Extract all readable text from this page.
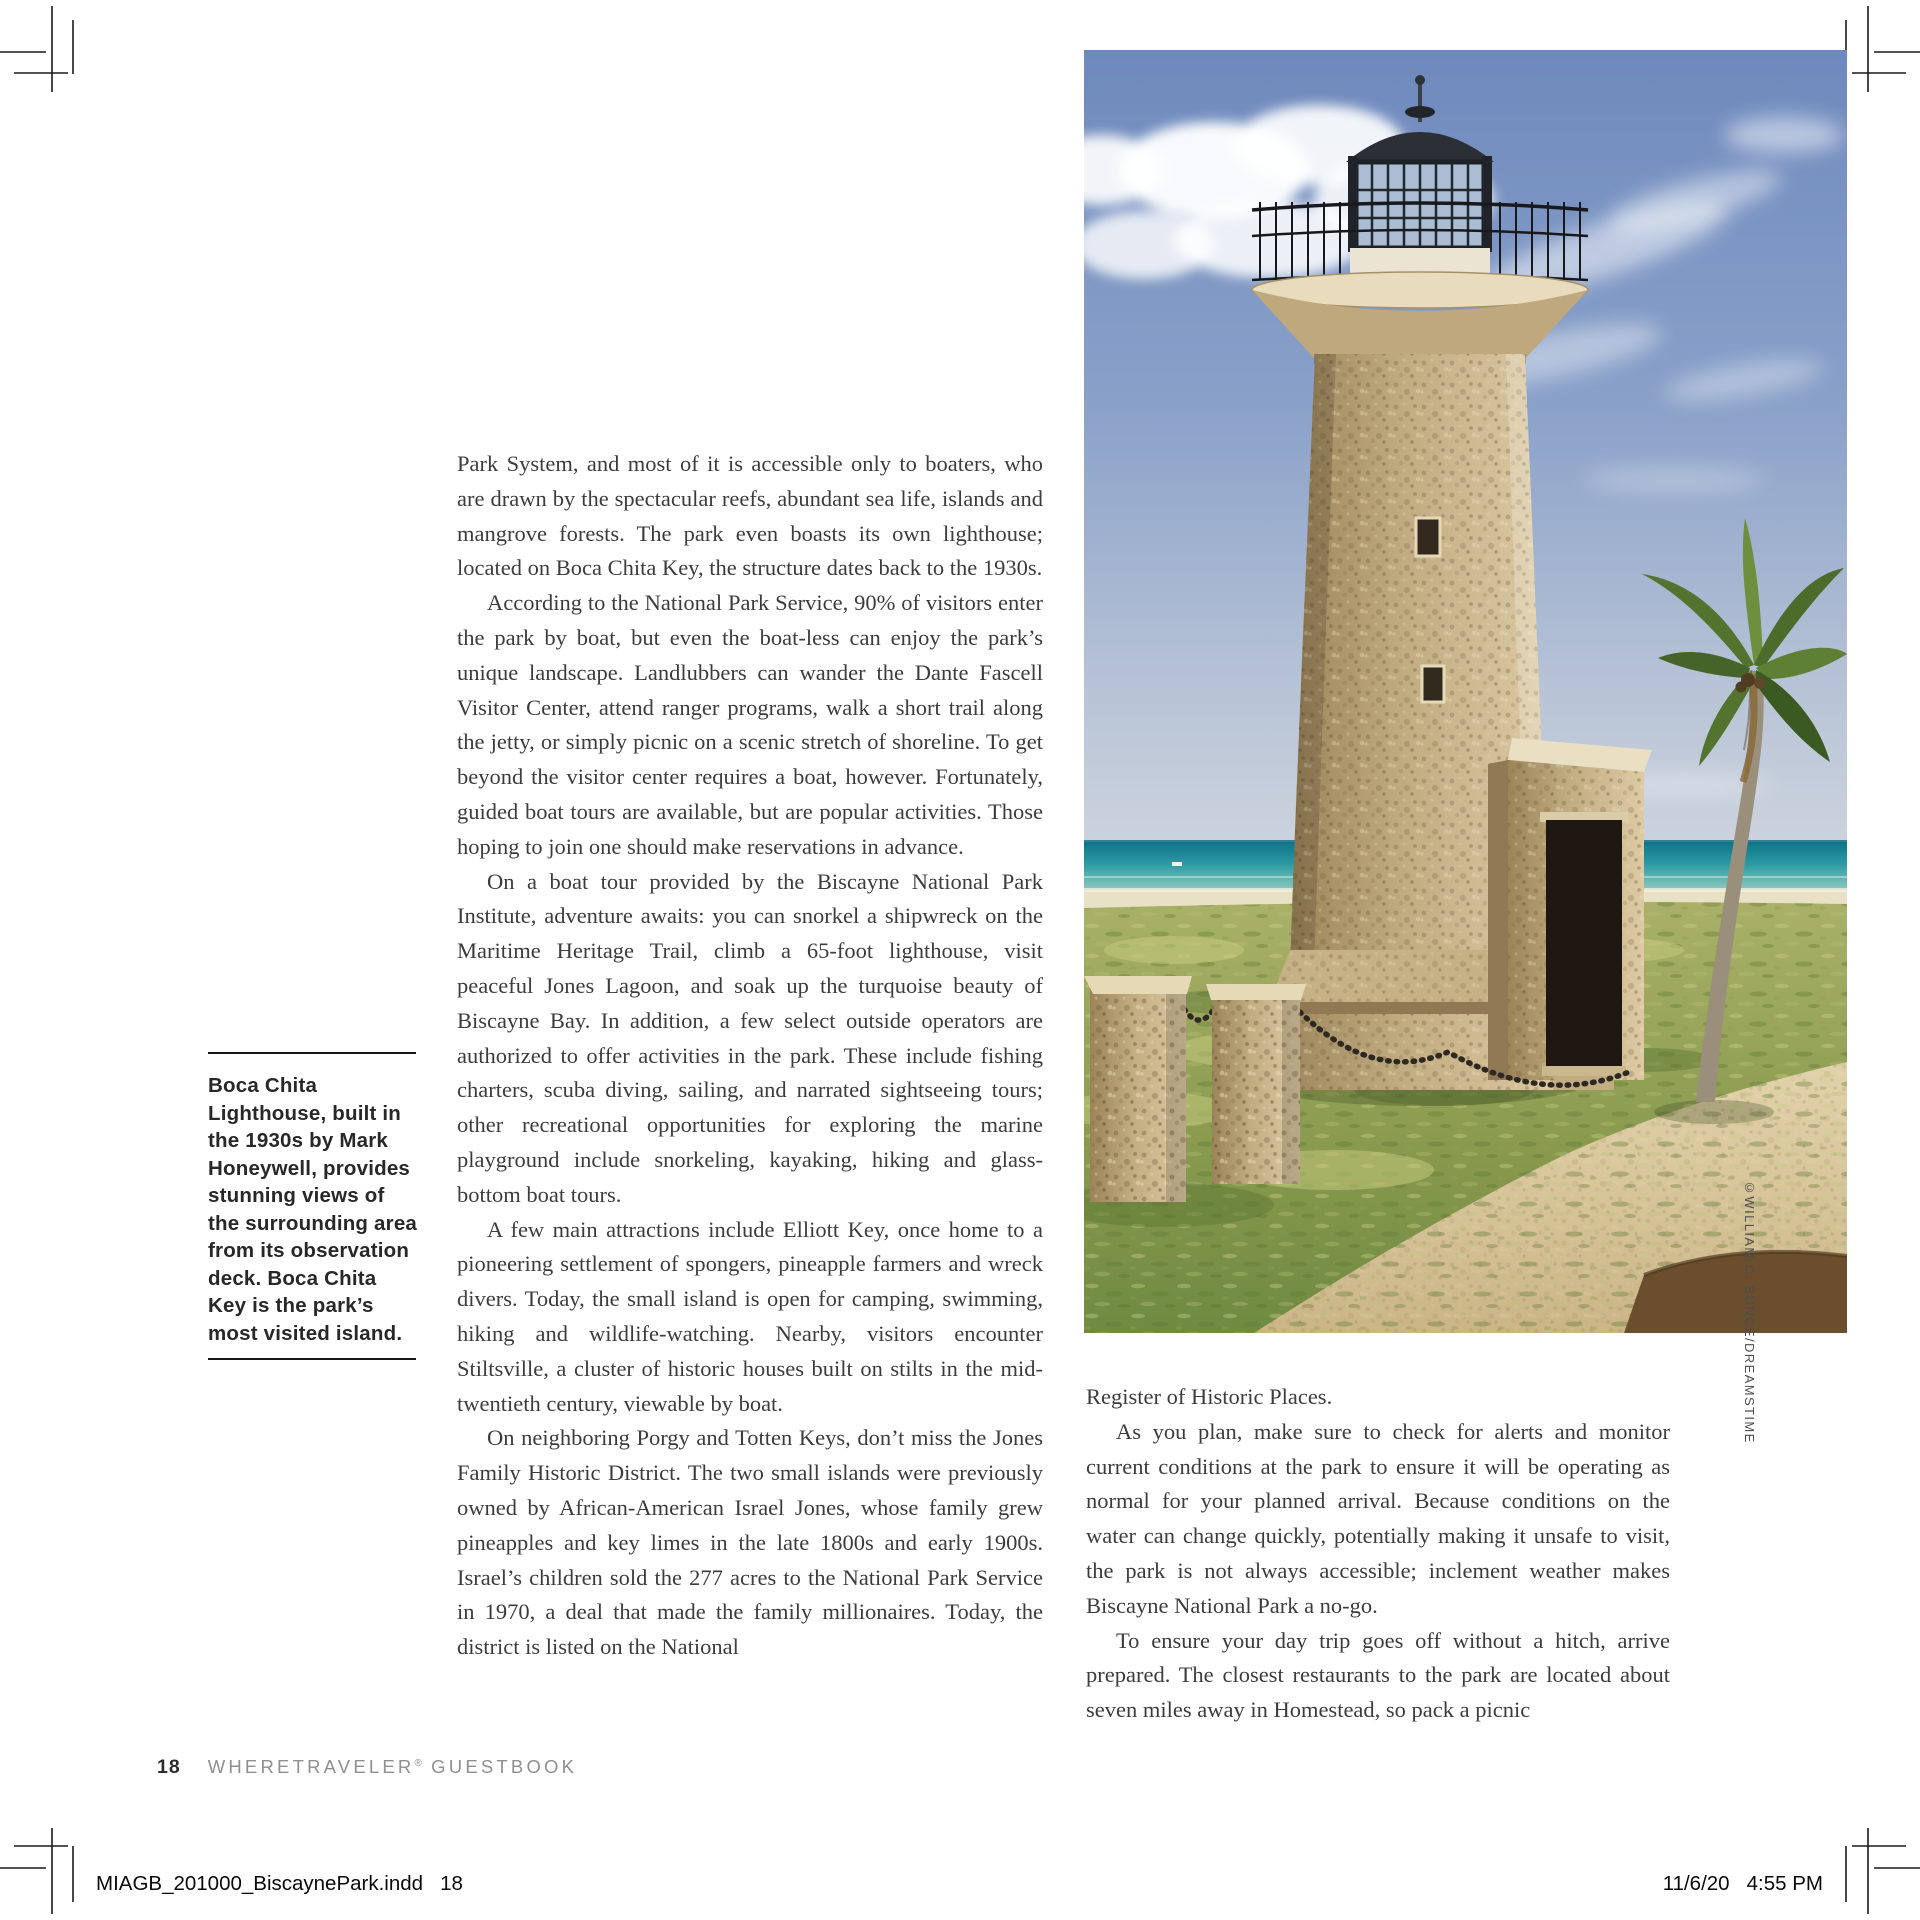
©WILLIAM C. BUNCE/DREAMSTIME

Park System, and most of it is accessible only to boaters, who are drawn by the spectacular reefs, abundant sea life, islands and mangrove forests. The park even boasts its own lighthouse; located on Boca Chita Key, the structure dates back to the 1930s.

According to the National Park Service, 90% of visitors enter the park by boat, but even the boat-less can enjoy the park’s unique landscape. Landlubbers can wander the Dante Fascell Visitor Center, attend ranger programs, walk a short trail along the jetty, or simply picnic on a scenic stretch of shoreline. To get beyond the visitor center requires a boat, however. Fortunately, guided boat tours are available, but are popular activities. Those hoping to join one should make reservations in advance.

On a boat tour provided by the Biscayne National Park Institute, adventure awaits: you can snorkel a shipwreck on the Maritime Heritage Trail, climb a 65-foot lighthouse, visit peaceful Jones Lagoon, and soak up the turquoise beauty of Biscayne Bay. In addition, a few select outside operators are authorized to offer activities in the park. These include fishing charters, scuba diving, sailing, and narrated sightseeing tours; other recreational opportunities for exploring the marine playground include snorkeling, kayaking, hiking and glass-bottom boat tours.

A few main attractions include Elliott Key, once home to a pioneering settlement of spongers, pineapple farmers and wreck divers. Today, the small island is open for camping, swimming, hiking and wildlife-watching. Nearby, visitors encounter Stiltsville, a cluster of historic houses built on stilts in the mid-twentieth century, viewable by boat.

On neighboring Porgy and Totten Keys, don’t miss the Jones Family Historic District. The two small islands were previously owned by African-American Israel Jones, whose family grew pineapples and key limes in the late 1800s and early 1900s. Israel’s children sold the 277 acres to the National Park Service in 1970, a deal that made the family millionaires. Today, the district is listed on the National

Register of Historic Places.

As you plan, make sure to check for alerts and monitor current conditions at the park to ensure it will be operating as normal for your planned arrival. Because conditions on the water can change quickly, potentially making it unsafe to visit, the park is not always accessible; inclement weather makes Biscayne National Park a no-go.

To ensure your day trip goes off without a hitch, arrive prepared. The closest restaurants to the park are located about seven miles away in Homestead, so pack a picnic

Boca Chita Lighthouse, built in the 1930s by Mark Honeywell, provides stunning views of the surrounding area from its observation deck. Boca Chita Key is the park’s most visited island.
18 WHERETRAVELER® GUESTBOOK
MIAGB_201000_BiscaynePark.indd   18	11/6/20   4:55 PM
